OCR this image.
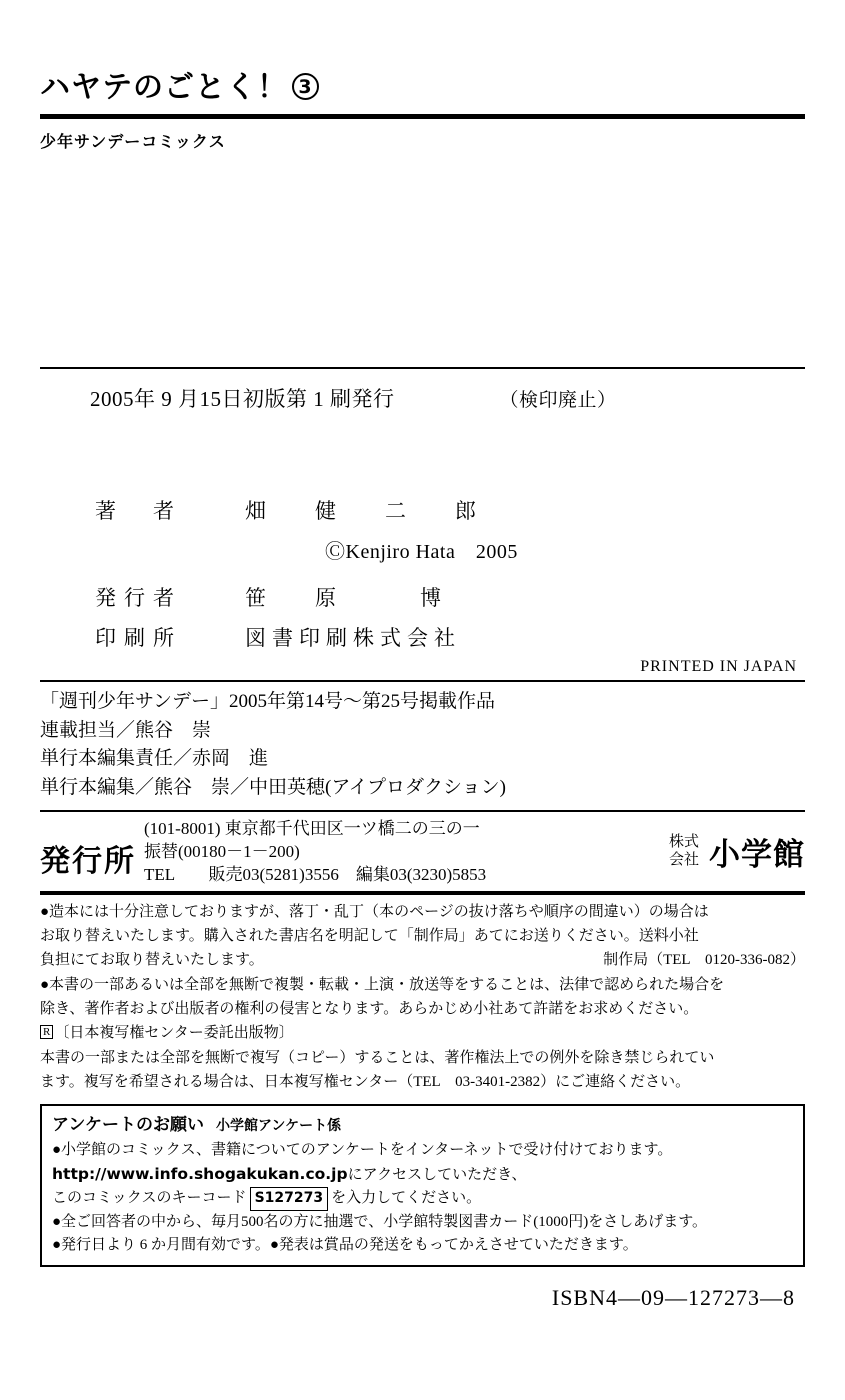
ハヤテのごとく！ 3
少年サンデーコミックス
2005年 9 月15日初版第 1 刷発行	（検印廃止）
著　者	畑　健　二　郎
ⒸKenjiro Hata　2005
発行者	笹　原　　博
印刷所	図書印刷株式会社
PRINTED IN JAPAN
「週刊少年サンデー」2005年第14号～第25号掲載作品
連載担当／熊谷　崇
単行本編集責任／赤岡　進
単行本編集／熊谷　崇／中田英穂(アイプロダクション)
発行所
(101-8001) 東京都千代田区一ツ橋二の三の一
振替(00180－1－200)
TEL　　販売03(5281)3556　編集03(3230)5853
株式
会社 小学館

●造本には十分注意しておりますが、落丁・乱丁（本のページの抜け落ちや順序の間違い）の場合は

お取り替えいたします。購入された書店名を明記して「制作局」あてにお送りください。送料小社

負担にてお取り替えいたします。	制作局（TEL　0120-336-082）

●本書の一部あるいは全部を無断で複製・転載・上演・放送等をすることは、法律で認められた場合を

除き、著作者および出版者の権利の侵害となります。あらかじめ小社あて許諾をお求めください。

R 〔日本複写権センター委託出版物〕

本書の一部または全部を無断で複写（コピー）することは、著作権法上での例外を除き禁じられてい

ます。複写を希望される場合は、日本複写権センター（TEL　03-3401-2382）にご連絡ください。

アンケートのお願い 小学館アンケート係
●小学館のコミックス、書籍についてのアンケートをインターネットで受け付けております。
http://www.info.shogakukan.co.jpにアクセスしていただき、
このコミックスのキーコード S127273 を入力してください。
●全ご回答者の中から、毎月500名の方に抽選で、小学館特製図書カード(1000円)をさしあげます。
●発行日より 6 か月間有効です。●発表は賞品の発送をもってかえさせていただきます。
ISBN4―09―127273―8
